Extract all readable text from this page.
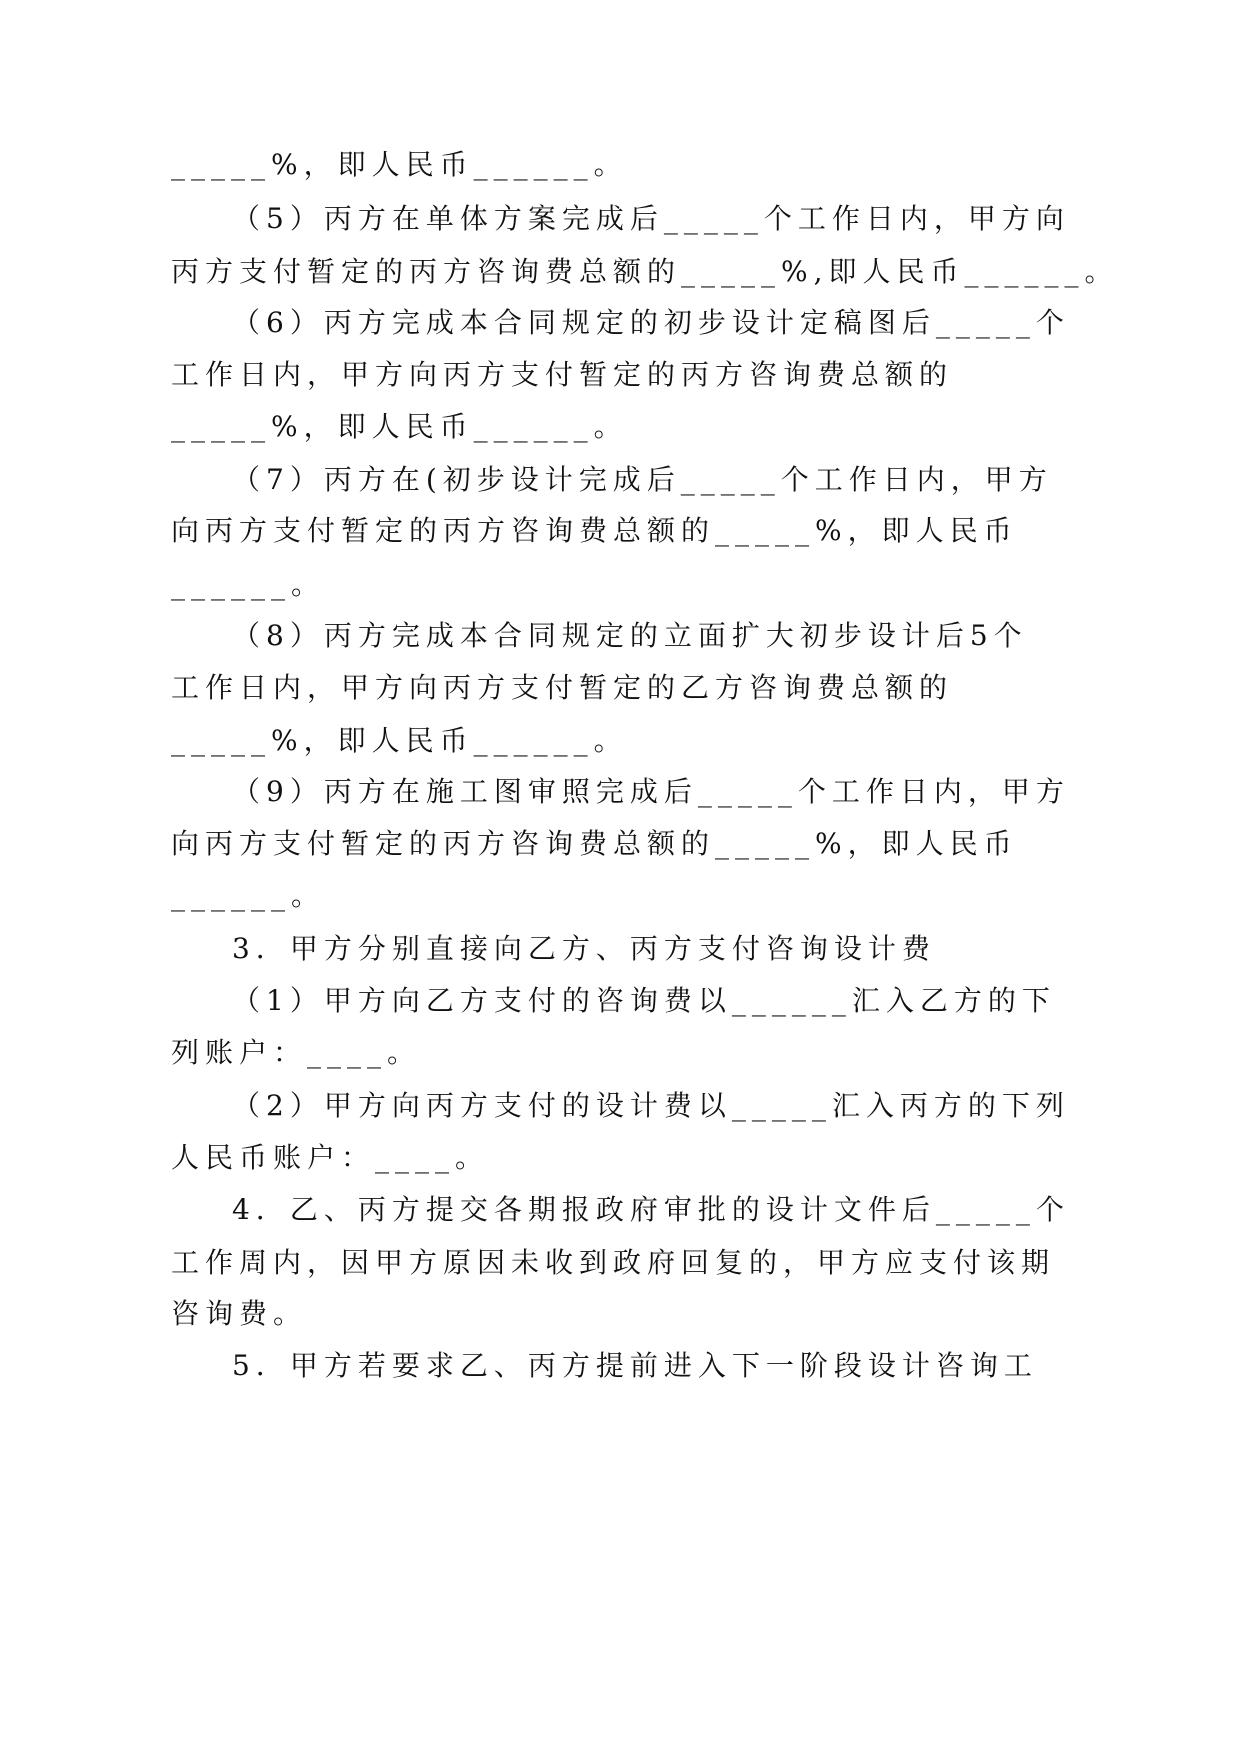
_____%，即人民币______。
（5）丙方在单体方案完成后_____个工作日内，甲方向
丙方支付暂定的丙方咨询费总额的_____%,即人民币______。
（6）丙方完成本合同规定的初步设计定稿图后_____个
工作日内，甲方向丙方支付暂定的丙方咨询费总额的
_____%，即人民币______。
（7）丙方在(初步设计完成后_____个工作日内，甲方
向丙方支付暂定的丙方咨询费总额的_____%，即人民币
______。
（8）丙方完成本合同规定的立面扩大初步设计后5个
工作日内，甲方向丙方支付暂定的乙方咨询费总额的
_____%，即人民币______。
（9）丙方在施工图审照完成后_____个工作日内，甲方
向丙方支付暂定的丙方咨询费总额的_____%，即人民币
______。
3．甲方分别直接向乙方、丙方支付咨询设计费
（1）甲方向乙方支付的咨询费以______汇入乙方的下
列账户：____。
（2）甲方向丙方支付的设计费以_____汇入丙方的下列
人民币账户：____。
4．乙、丙方提交各期报政府审批的设计文件后_____个
工作周内，因甲方原因未收到政府回复的，甲方应支付该期
咨询费。
5．甲方若要求乙、丙方提前进入下一阶段设计咨询工
